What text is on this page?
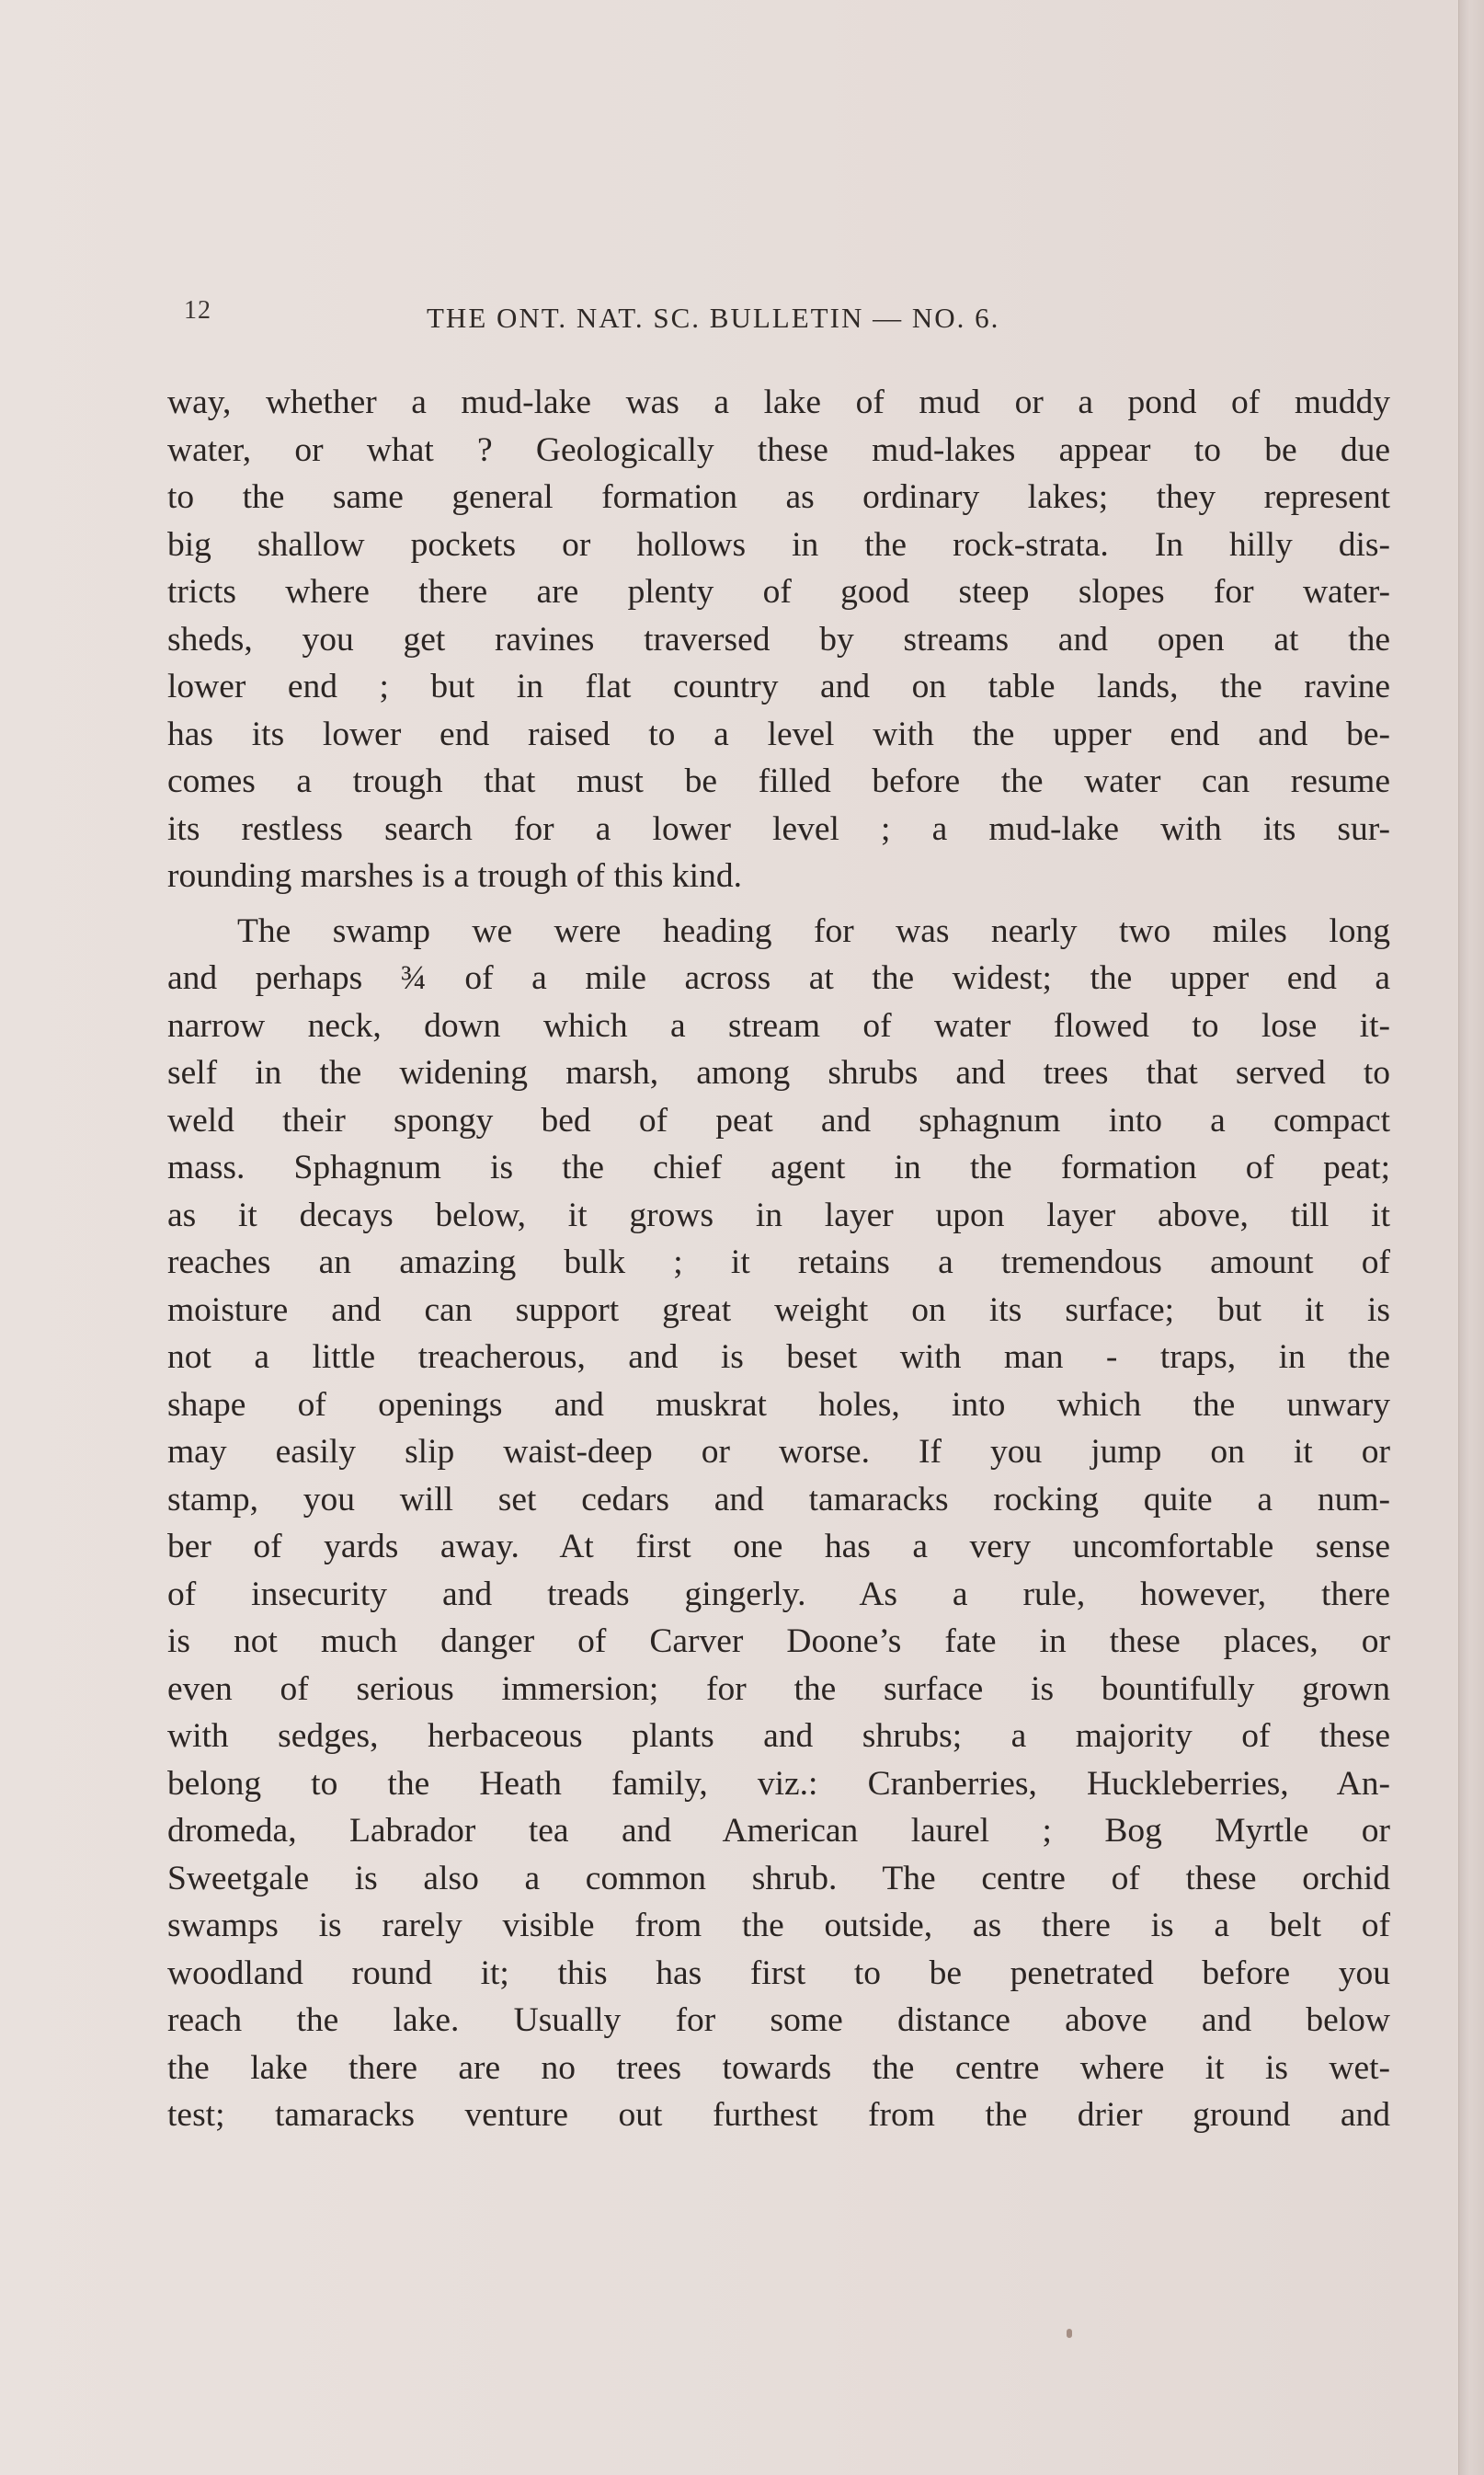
12	THE ONT. NAT. SC. BULLETIN — NO. 6.
way, whether a mud-lake was a lake of mud or a pond of muddy
water, or what ? Geologically these mud-lakes appear to be due
to the same general formation as ordinary lakes; they represent
big shallow pockets or hollows in the rock-strata. In hilly dis-
tricts where there are plenty of good steep slopes for water-
sheds, you get ravines traversed by streams and open at the
lower end ; but in flat country and on table lands, the ravine
has its lower end raised to a level with the upper end and be-
comes a trough that must be filled before the water can resume
its restless search for a lower level ; a mud-lake with its sur-
rounding marshes is a trough of this kind.
The swamp we were heading for was nearly two miles long
and perhaps ¾ of a mile across at the widest; the upper end a
narrow neck, down which a stream of water flowed to lose it-
self in the widening marsh, among shrubs and trees that served to
weld their spongy bed of peat and sphagnum into a compact
mass. Sphagnum is the chief agent in the formation of peat;
as it decays below, it grows in layer upon layer above, till it
reaches an amazing bulk ; it retains a tremendous amount of
moisture and can support great weight on its surface; but it is
not a little treacherous, and is beset with man - traps, in the
shape of openings and muskrat holes, into which the unwary
may easily slip waist-deep or worse. If you jump on it or
stamp, you will set cedars and tamaracks rocking quite a num-
ber of yards away. At first one has a very uncomfortable sense
of insecurity and treads gingerly. As a rule, however, there
is not much danger of Carver Doone’s fate in these places, or
even of serious immersion; for the surface is bountifully grown
with sedges, herbaceous plants and shrubs; a majority of these
belong to the Heath family, viz.: Cranberries, Huckleberries, An-
dromeda, Labrador tea and American laurel ; Bog Myrtle or
Sweetgale is also a common shrub. The centre of these orchid
swamps is rarely visible from the outside, as there is a belt of
woodland round it; this has first to be penetrated before you
reach the lake. Usually for some distance above and below
the lake there are no trees towards the centre where it is wet-
test; tamaracks venture out furthest from the drier ground and
